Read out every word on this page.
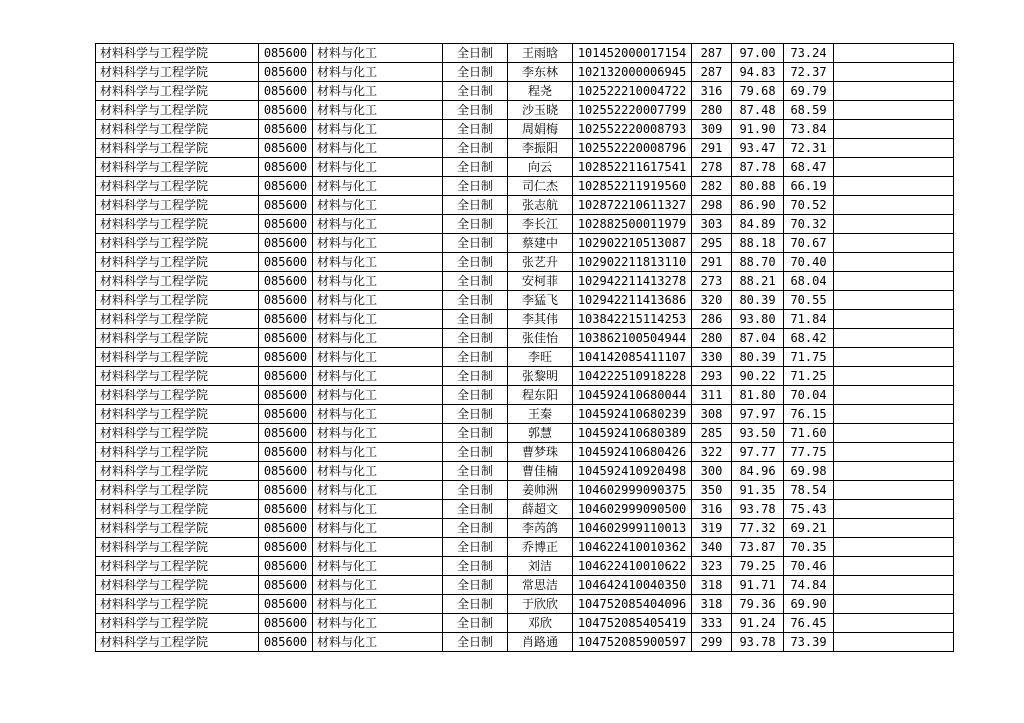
材料科学与工程学院	085600	材料与化工	全日制	王雨晗	101452000017154	287	97.00	73.24	
材料科学与工程学院	085600	材料与化工	全日制	李东林	102132000006945	287	94.83	72.37	
材料科学与工程学院	085600	材料与化工	全日制	程尧	102522210004722	316	79.68	69.79	
材料科学与工程学院	085600	材料与化工	全日制	沙玉晓	102552220007799	280	87.48	68.59	
材料科学与工程学院	085600	材料与化工	全日制	周娟梅	102552220008793	309	91.90	73.84	
材料科学与工程学院	085600	材料与化工	全日制	李振阳	102552220008796	291	93.47	72.31	
材料科学与工程学院	085600	材料与化工	全日制	向云	102852211617541	278	87.78	68.47	
材料科学与工程学院	085600	材料与化工	全日制	司仁杰	102852211919560	282	80.88	66.19	
材料科学与工程学院	085600	材料与化工	全日制	张志航	102872210611327	298	86.90	70.52	
材料科学与工程学院	085600	材料与化工	全日制	李长江	102882500011979	303	84.89	70.32	
材料科学与工程学院	085600	材料与化工	全日制	蔡建中	102902210513087	295	88.18	70.67	
材料科学与工程学院	085600	材料与化工	全日制	张艺升	102902211813110	291	88.70	70.40	
材料科学与工程学院	085600	材料与化工	全日制	安柯菲	102942211413278	273	88.21	68.04	
材料科学与工程学院	085600	材料与化工	全日制	李猛飞	102942211413686	320	80.39	70.55	
材料科学与工程学院	085600	材料与化工	全日制	李其伟	103842215114253	286	93.80	71.84	
材料科学与工程学院	085600	材料与化工	全日制	张佳怡	103862100504944	280	87.04	68.42	
材料科学与工程学院	085600	材料与化工	全日制	李旺	104142085411107	330	80.39	71.75	
材料科学与工程学院	085600	材料与化工	全日制	张黎明	104222510918228	293	90.22	71.25	
材料科学与工程学院	085600	材料与化工	全日制	程东阳	104592410680044	311	81.80	70.04	
材料科学与工程学院	085600	材料与化工	全日制	王秦	104592410680239	308	97.97	76.15	
材料科学与工程学院	085600	材料与化工	全日制	郭慧	104592410680389	285	93.50	71.60	
材料科学与工程学院	085600	材料与化工	全日制	曹梦珠	104592410680426	322	97.77	77.75	
材料科学与工程学院	085600	材料与化工	全日制	曹佳楠	104592410920498	300	84.96	69.98	
材料科学与工程学院	085600	材料与化工	全日制	姜帅洲	104602999090375	350	91.35	78.54	
材料科学与工程学院	085600	材料与化工	全日制	薛超文	104602999090500	316	93.78	75.43	
材料科学与工程学院	085600	材料与化工	全日制	李芮鸽	104602999110013	319	77.32	69.21	
材料科学与工程学院	085600	材料与化工	全日制	乔博正	104622410010362	340	73.87	70.35	
材料科学与工程学院	085600	材料与化工	全日制	刘洁	104622410010622	323	79.25	70.46	
材料科学与工程学院	085600	材料与化工	全日制	常思洁	104642410040350	318	91.71	74.84	
材料科学与工程学院	085600	材料与化工	全日制	于欣欣	104752085404096	318	79.36	69.90	
材料科学与工程学院	085600	材料与化工	全日制	邓欣	104752085405419	333	91.24	76.45	
材料科学与工程学院	085600	材料与化工	全日制	肖路通	104752085900597	299	93.78	73.39	
